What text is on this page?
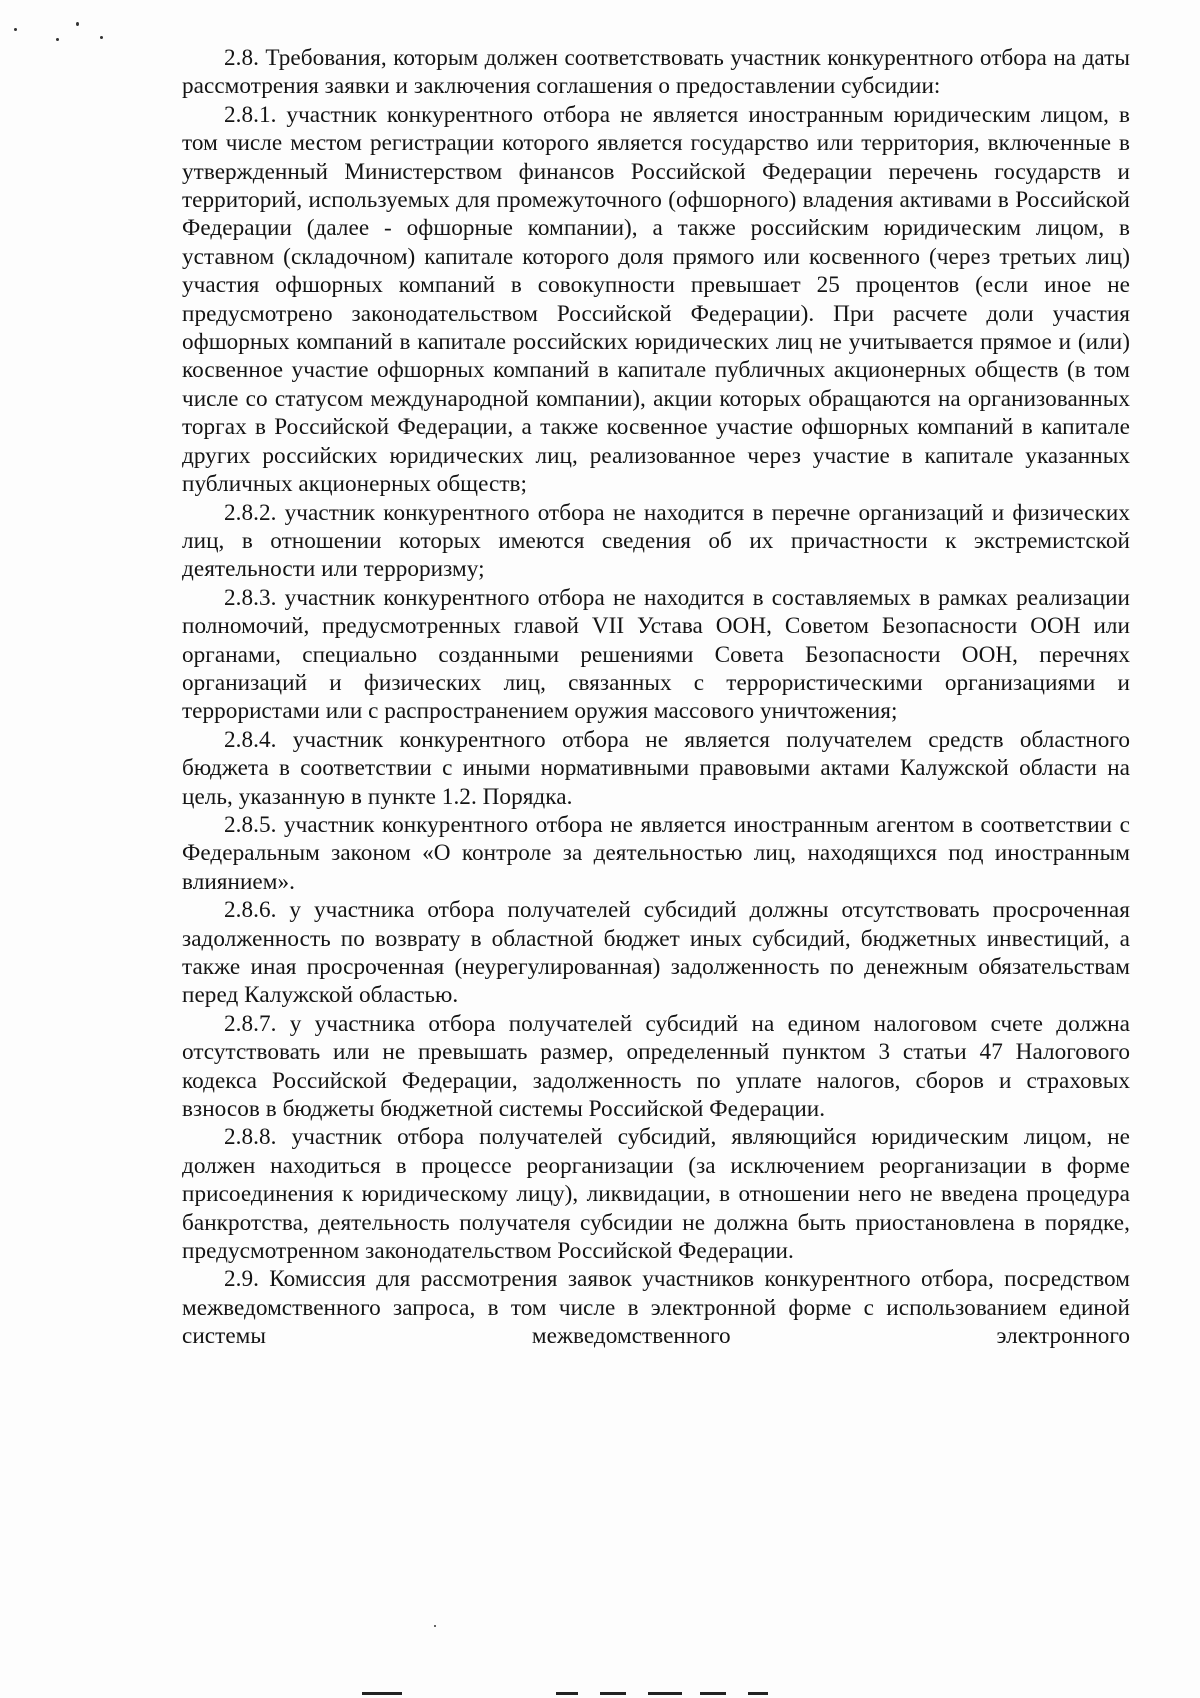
2.8. Требования, которым должен соответствовать участник конкурентного отбора на даты рассмотрения заявки и заключения соглашения о предоставлении субсидии:

2.8.1. участник конкурентного отбора не является иностранным юридическим лицом, в том числе местом регистрации которого является государство или территория, включенные в утвержденный Министерством финансов Российской Федерации перечень государств и территорий, используемых для промежуточного (офшорного) владения активами в Российской Федерации (далее - офшорные компании), а также российским юридическим лицом, в уставном (складочном) капитале которого доля прямого или косвенного (через третьих лиц) участия офшорных компаний в совокупности превышает 25 процентов (если иное не предусмотрено законодательством Российской Федерации). При расчете доли участия офшорных компаний в капитале российских юридических лиц не учитывается прямое и (или) косвенное участие офшорных компаний в капитале публичных акционерных обществ (в том числе со статусом международной компании), акции которых обращаются на организованных торгах в Российской Федерации, а также косвенное участие офшорных компаний в капитале других российских юридических лиц, реализованное через участие в капитале указанных публичных акционерных обществ;

2.8.2. участник конкурентного отбора не находится в перечне организаций и физических лиц, в отношении которых имеются сведения об их причастности к экстремистской деятельности или терроризму;

2.8.3. участник конкурентного отбора не находится в составляемых в рамках реализации полномочий, предусмотренных главой VII Устава ООН, Советом Безопасности ООН или органами, специально созданными решениями Совета Безопасности ООН, перечнях организаций и физических лиц, связанных с террористическими организациями и террористами или с распространением оружия массового уничтожения;

2.8.4. участник конкурентного отбора не является получателем средств областного бюджета в соответствии с иными нормативными правовыми актами Калужской области на цель, указанную в пункте 1.2. Порядка.

2.8.5. участник конкурентного отбора не является иностранным агентом в соответствии с Федеральным законом «О контроле за деятельностью лиц, находящихся под иностранным влиянием».

2.8.6. у участника отбора получателей субсидий должны отсутствовать просроченная задолженность по возврату в областной бюджет иных субсидий, бюджетных инвестиций, а также иная просроченная (неурегулированная) задолженность по денежным обязательствам перед Калужской областью.

2.8.7. у участника отбора получателей субсидий на едином налоговом счете должна отсутствовать или не превышать размер, определенный пунктом 3 статьи 47 Налогового кодекса Российской Федерации, задолженность по уплате налогов, сборов и страховых взносов в бюджеты бюджетной системы Российской Федерации.

2.8.8. участник отбора получателей субсидий, являющийся юридическим лицом, не должен находиться в процессе реорганизации (за исключением реорганизации в форме присоединения к юридическому лицу), ликвидации, в отношении него не введена процедура банкротства, деятельность получателя субсидии не должна быть приостановлена в порядке, предусмотренном законодательством Российской Федерации.

2.9. Комиссия для рассмотрения заявок участников конкурентного отбора, посредством межведомственного запроса, в том числе в электронной форме с использованием единой системы межведомственного электронного
